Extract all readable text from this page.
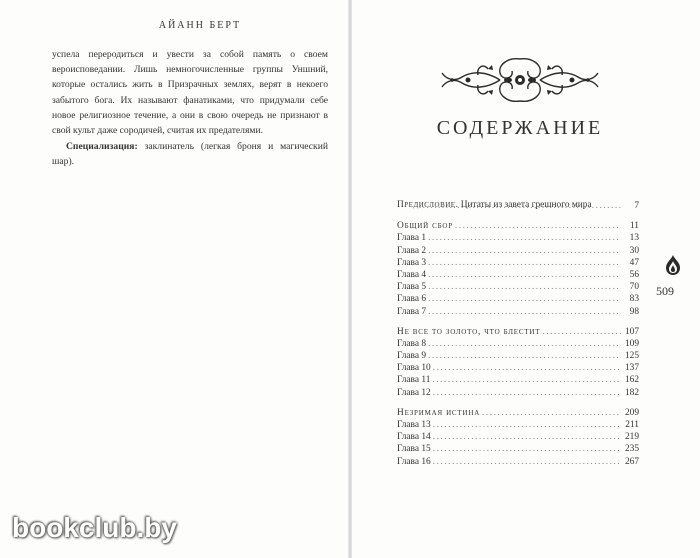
АЙАНН БЕРТ

успела переродиться и увести за собой память о своем вероисповедании. Лишь немногочисленные группы Уншний, которые остались жить в Призрачных землях, верят в некоего забытого бога. Их называют фанатиками, что придумали себе новое религиозное течение, а они в свою очередь не признают в свой культ даже сородичей, считая их предателями.

Специализация: заклинатель (легкая броня и магический шар).

СОДЕРЖАНИЕ
Предисловие. Цитаты из завета грешного мира .....	7
Общий сбор .....	11
Глава 1 .....	13
Глава 2 .....	30
Глава 3 .....	47
Глава 4 .....	56
Глава 5 .....	70
Глава 6 .....	83
Глава 7 .....	98
Не все то золото, что блестит .....	107
Глава 8 .....	109
Глава 9 .....	125
Глава 10 .....	137
Глава 11 .....	162
Глава 12 .....	182
Незримая истина .....	209
Глава 13 .....	211
Глава 14 .....	219
Глава 15 .....	235
Глава 16 .....	267
509
bookclub.by
